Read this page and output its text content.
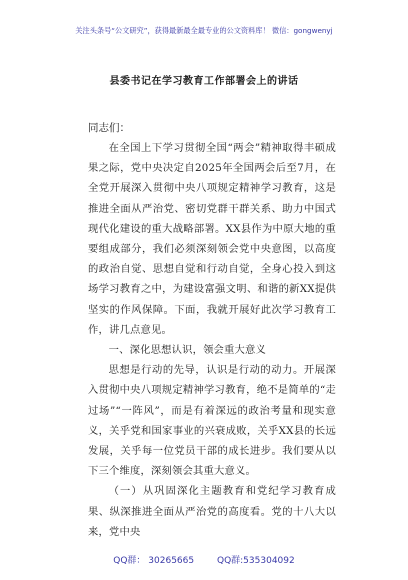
关注头条号“公文研究”，获得最新最全最专业的公文资料库！ 微信：gongwenyj
县委书记在学习教育工作部署会上的讲话
同志们：

在全国上下学习贯彻全国“两会”精神取得丰硕成果之际，党中央决定自2025年全国两会后至7月，在全党开展深入贯彻中央八项规定精神学习教育，这是推进全面从严治党、密切党群干群关系、助力中国式现代化建设的重大战略部署。XX县作为中原大地的重要组成部分，我们必须深刻领会党中央意图，以高度的政治自觉、思想自觉和行动自觉，全身心投入到这场学习教育之中，为建设富强文明、和谐的新XX提供坚实的作风保障。下面，我就开展好此次学习教育工作，讲几点意见。

一、深化思想认识，领会重大意义

思想是行动的先导，认识是行动的动力。开展深入贯彻中央八项规定精神学习教育，绝不是简单的“走过场”“一阵风”，而是有着深远的政治考量和现实意义，关乎党和国家事业的兴衰成败，关乎XX县的长远发展，关乎每一位党员干部的成长进步。我们要从以下三个维度，深刻领会其重大意义。

（一）从巩固深化主题教育和党纪学习教育成果、纵深推进全面从严治党的高度看。党的十八大以来，党中央

QQ群： 30265665	QQ群:535304092
